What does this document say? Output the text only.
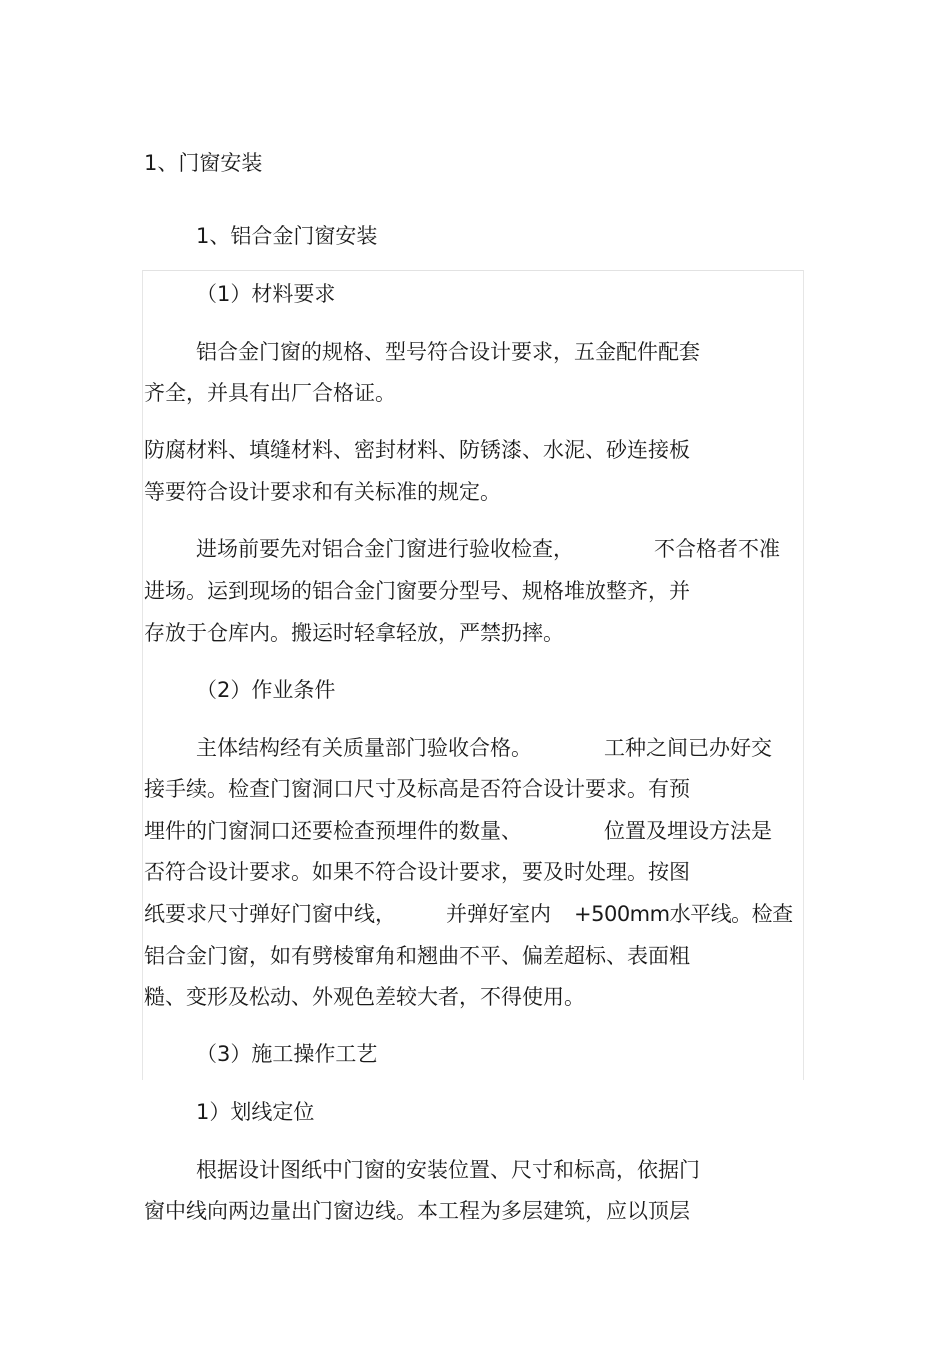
1、门窗安装
1、铝合金门窗安装
（1）材料要求
铝合金门窗的规格、型号符合设计要求，五金配件配套
齐全，并具有出厂合格证。
防腐材料、填缝材料、密封材料、防锈漆、水泥、砂连接板
等要符合设计要求和有关标准的规定。
进场前要先对铝合金门窗进行验收检查，	不合格者不准
进场。运到现场的铝合金门窗要分型号、规格堆放整齐，并
存放于仓库内。搬运时轻拿轻放，严禁扔摔。
（2）作业条件
主体结构经有关质量部门验收合格。	工种之间已办好交
接手续。检查门窗洞口尺寸及标高是否符合设计要求。有预
埋件的门窗洞口还要检查预埋件的数量、	位置及埋设方法是
否符合设计要求。如果不符合设计要求，要及时处理。按图
纸要求尺寸弹好门窗中线， 并弹好室内 +500mm水平线。检查
铝合金门窗，如有劈棱窜角和翘曲不平、偏差超标、表面粗
糙、变形及松动、外观色差较大者，不得使用。
（3）施工操作工艺
1）划线定位
根据设计图纸中门窗的安装位置、尺寸和标高，依据门
窗中线向两边量出门窗边线。本工程为多层建筑，应以顶层
